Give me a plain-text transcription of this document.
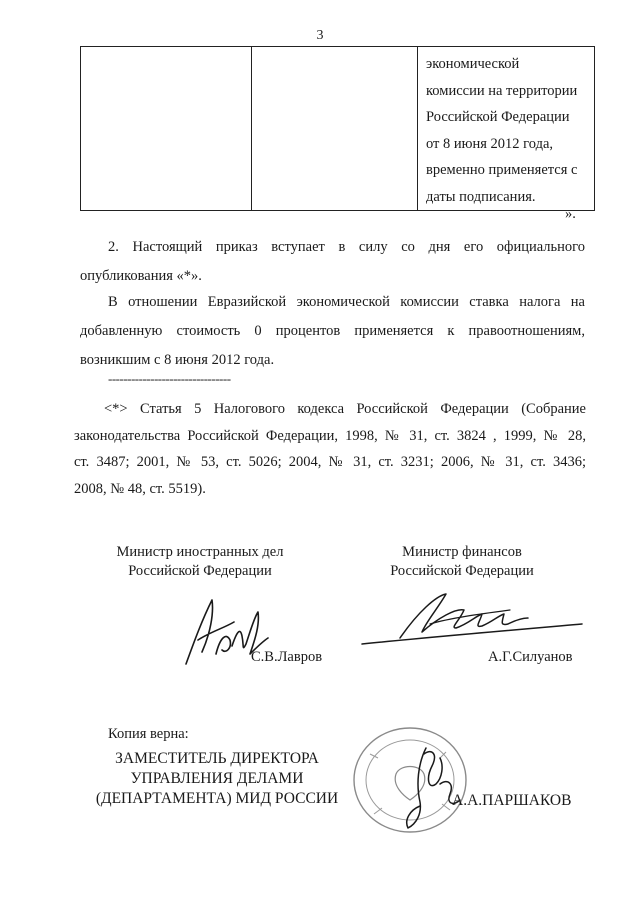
3

экономической
комиссии на территории
Российской Федерации
от 8 июня 2012 года,
временно применяется с
даты подписания.
».
2. Настоящий приказ вступает в силу со дня его официального
опубликования «*».
В отношении Евразийской экономической комиссии ставка налога на
добавленную стоимость 0 процентов применяется к правоотношениям,
возникшим с 8 июня 2012 года.
--------------------------------
<*> Статья 5 Налогового кодекса Российской Федерации (Собрание
законодательства Российской Федерации, 1998, № 31, ст. 3824 , 1999, № 28,
ст. 3487; 2001, № 53, ст. 5026; 2004, № 31, ст. 3231; 2006, № 31, ст. 3436;
2008, № 48, ст. 5519).
Министр иностранных дел
Российской Федерации
Министр финансов
Российской Федерации
С.В.Лавров	А.Г.Силуанов
Копия верна:
ЗАМЕСТИТЕЛЬ ДИРЕКТОРА
УПРАВЛЕНИЯ ДЕЛАМИ
(ДЕПАРТАМЕНТА) МИД РОССИИ	А.А.ПАРШАКОВ
